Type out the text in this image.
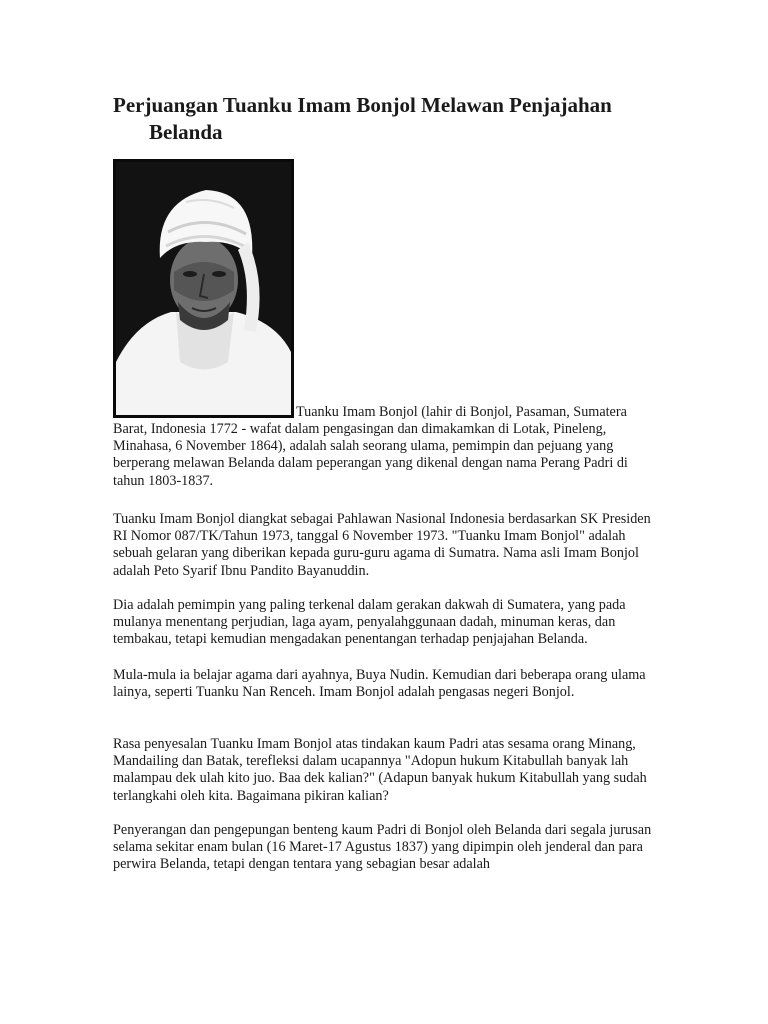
Perjuangan Tuanku Imam Bonjol Melawan Penjajahan
Belanda
Tuanku Imam Bonjol (lahir di Bonjol, Pasaman, Sumatera

Barat, Indonesia 1772 - wafat dalam pengasingan dan dimakamkan di Lotak, Pineleng, Minahasa, 6 November 1864), adalah salah seorang ulama, pemimpin dan pejuang yang berperang melawan Belanda dalam peperangan yang dikenal dengan nama Perang Padri di tahun 1803-1837.

Tuanku Imam Bonjol diangkat sebagai Pahlawan Nasional Indonesia berdasarkan SK Presiden RI Nomor 087/TK/Tahun 1973, tanggal 6 November 1973. "Tuanku Imam Bonjol" adalah sebuah gelaran yang diberikan kepada guru-guru agama di Sumatra. Nama asli Imam Bonjol adalah Peto Syarif Ibnu Pandito Bayanuddin.

Dia adalah pemimpin yang paling terkenal dalam gerakan dakwah di Sumatera, yang pada mulanya menentang perjudian, laga ayam, penyalahggunaan dadah, minuman keras, dan tembakau, tetapi kemudian mengadakan penentangan terhadap penjajahan Belanda.

Mula-mula ia belajar agama dari ayahnya, Buya Nudin. Kemudian dari beberapa orang ulama lainya, seperti Tuanku Nan Renceh. Imam Bonjol adalah pengasas negeri Bonjol.

Rasa penyesalan Tuanku Imam Bonjol atas tindakan kaum Padri atas sesama orang Minang, Mandailing dan Batak, terefleksi dalam ucapannya "Adopun hukum Kitabullah banyak lah malampau dek ulah kito juo. Baa dek kalian?" (Adapun banyak hukum Kitabullah yang sudah terlangkahi oleh kita. Bagaimana pikiran kalian?

Penyerangan dan pengepungan benteng kaum Padri di Bonjol oleh Belanda dari segala jurusan selama sekitar enam bulan (16 Maret-17 Agustus 1837) yang dipimpin oleh jenderal dan para perwira Belanda, tetapi dengan tentara yang sebagian besar adalah
